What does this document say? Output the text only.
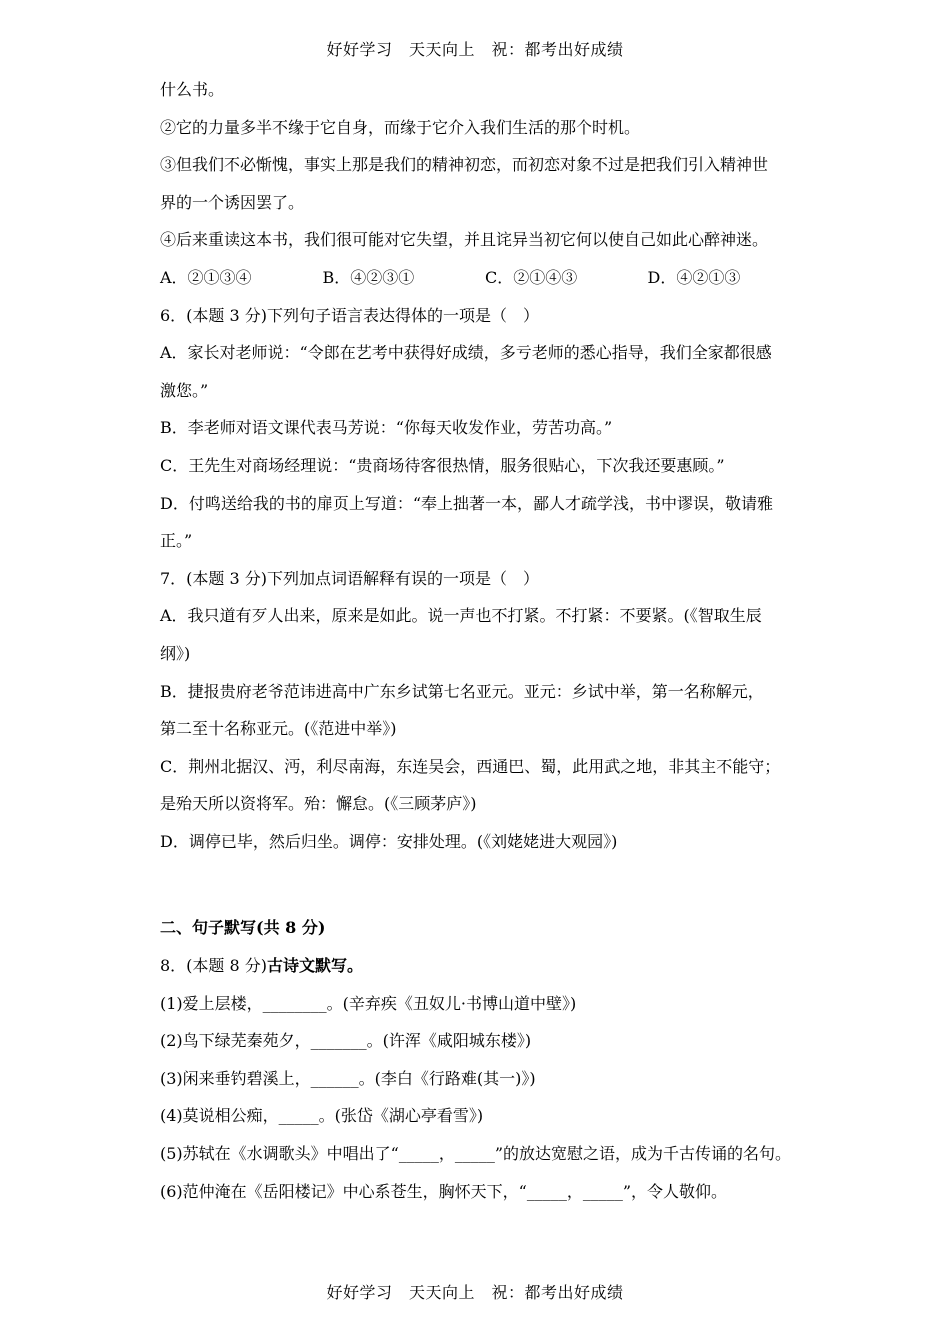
好好学习　天天向上　祝：都考出好成绩
什么书。
②它的力量多半不缘于它自身，而缘于它介入我们生活的那个时机。
③但我们不必惭愧，事实上那是我们的精神初恋，而初恋对象不过是把我们引入精神世
界的一个诱因罢了。
④后来重读这本书，我们很可能对它失望，并且诧异当初它何以使自己如此心醉神迷。
A．②①③④	B．④②③①	C．②①④③	D．④②①③
6．(本题 3 分)下列句子语言表达得体的一项是（　）
A．家长对老师说：“令郎在艺考中获得好成绩，多亏老师的悉心指导，我们全家都很感
激您。”
B．李老师对语文课代表马芳说：“你每天收发作业，劳苦功高。”
C．王先生对商场经理说：“贵商场待客很热情，服务很贴心，下次我还要惠顾。”
D．付鸣送给我的书的扉页上写道：“奉上拙著一本，鄙人才疏学浅，书中谬误，敬请雅
正。”
7．(本题 3 分)下列加点词语解释有误的一项是（　）
A．我只道有歹人出来，原来是如此。说一声也不打紧。不打紧：不要紧。(《智取生辰
纲》)
B．捷报贵府老爷范讳进高中广东乡试第七名亚元。亚元：乡试中举，第一名称解元，
第二至十名称亚元。(《范进中举》)
C．荆州北据汉、沔，利尽南海，东连吴会，西通巴、蜀，此用武之地，非其主不能守；
是殆天所以资将军。殆：懈怠。(《三顾茅庐》)
D．调停已毕，然后归坐。调停：安排处理。(《刘姥姥进大观园》)
二、句子默写(共 8 分)
8．(本题 8 分)古诗文默写。
(1)爱上层楼，________。(辛弃疾《丑奴儿·书博山道中壁》)
(2)鸟下绿芜秦苑夕，_______。(许浑《咸阳城东楼》)
(3)闲来垂钓碧溪上，______。(李白《行路难(其一)》)
(4)莫说相公痴，_____。(张岱《湖心亭看雪》)
(5)苏轼在《水调歌头》中唱出了“_____，_____”的放达宽慰之语，成为千古传诵的名句。
(6)范仲淹在《岳阳楼记》中心系苍生，胸怀天下，“_____，_____”，令人敬仰。
好好学习　天天向上　祝：都考出好成绩
